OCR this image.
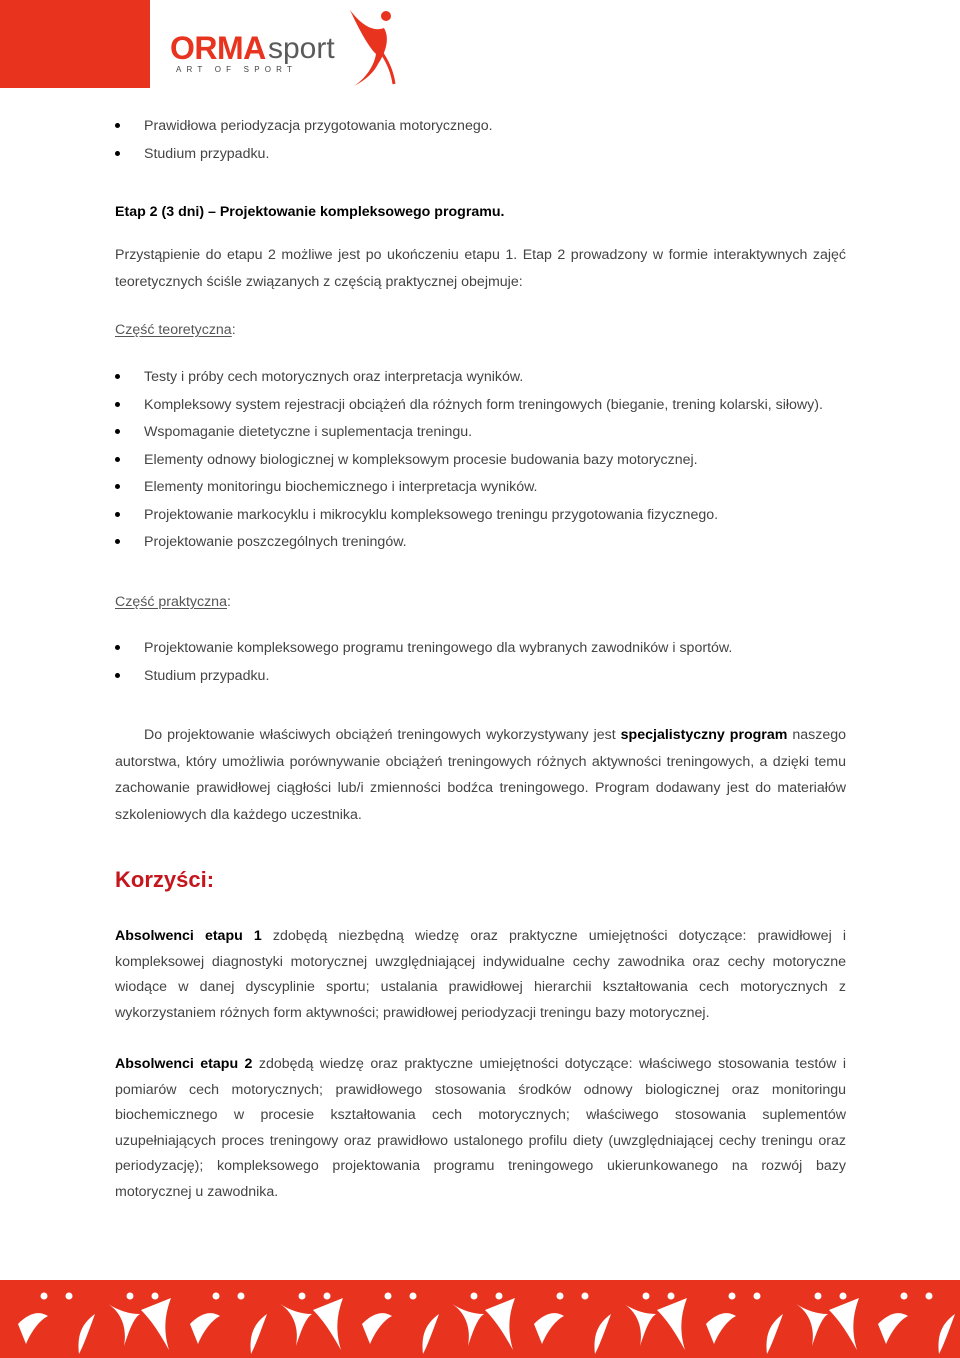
ORMA sport
ART OF SPORT
Prawidłowa periodyzacja przygotowania motorycznego.
Studium przypadku.
Etap 2 (3 dni) – Projektowanie kompleksowego programu.
Przystąpienie do etapu 2 możliwe jest po ukończeniu etapu 1. Etap 2 prowadzony w formie interaktywnych zajęć teoretycznych ściśle związanych z częścią praktycznej obejmuje:
Część teoretyczna:
Testy i próby cech motorycznych oraz interpretacja wyników.
Kompleksowy system rejestracji obciążeń dla różnych form treningowych (bieganie, trening kolarski, siłowy).
Wspomaganie dietetyczne i suplementacja treningu.
Elementy odnowy biologicznej w kompleksowym procesie budowania bazy motorycznej.
Elementy monitoringu biochemicznego i interpretacja wyników.
Projektowanie markocyklu i mikrocyklu kompleksowego treningu przygotowania fizycznego.
Projektowanie poszczególnych treningów.
Część praktyczna:
Projektowanie kompleksowego programu treningowego dla wybranych zawodników i sportów.
Studium przypadku.
Do projektowanie właściwych obciążeń treningowych wykorzystywany jest specjalistyczny program naszego autorstwa, który umożliwia porównywanie obciążeń treningowych różnych aktywności treningowych, a dzięki temu zachowanie prawidłowej ciągłości lub/i zmienności bodźca treningowego. Program dodawany jest do materiałów szkoleniowych dla każdego uczestnika.
Korzyści:
Absolwenci etapu 1 zdobędą niezbędną wiedzę oraz praktyczne umiejętności dotyczące: prawidłowej i kompleksowej diagnostyki motorycznej uwzględniającej indywidualne cechy zawodnika oraz cechy motoryczne wiodące w danej dyscyplinie sportu; ustalania prawidłowej hierarchii kształtowania cech motorycznych z wykorzystaniem różnych form aktywności; prawidłowej periodyzacji treningu bazy motorycznej.
Absolwenci etapu 2 zdobędą wiedzę oraz praktyczne umiejętności dotyczące: właściwego stosowania testów i pomiarów cech motorycznych; prawidłowego stosowania środków odnowy biologicznej oraz monitoringu biochemicznego w procesie kształtowania cech motorycznych; właściwego stosowania suplementów uzupełniających proces treningowy oraz prawidłowo ustalonego profilu diety (uwzględniającej cechy treningu oraz periodyzację); kompleksowego projektowania programu treningowego ukierunkowanego na rozwój bazy motorycznej u zawodnika.
